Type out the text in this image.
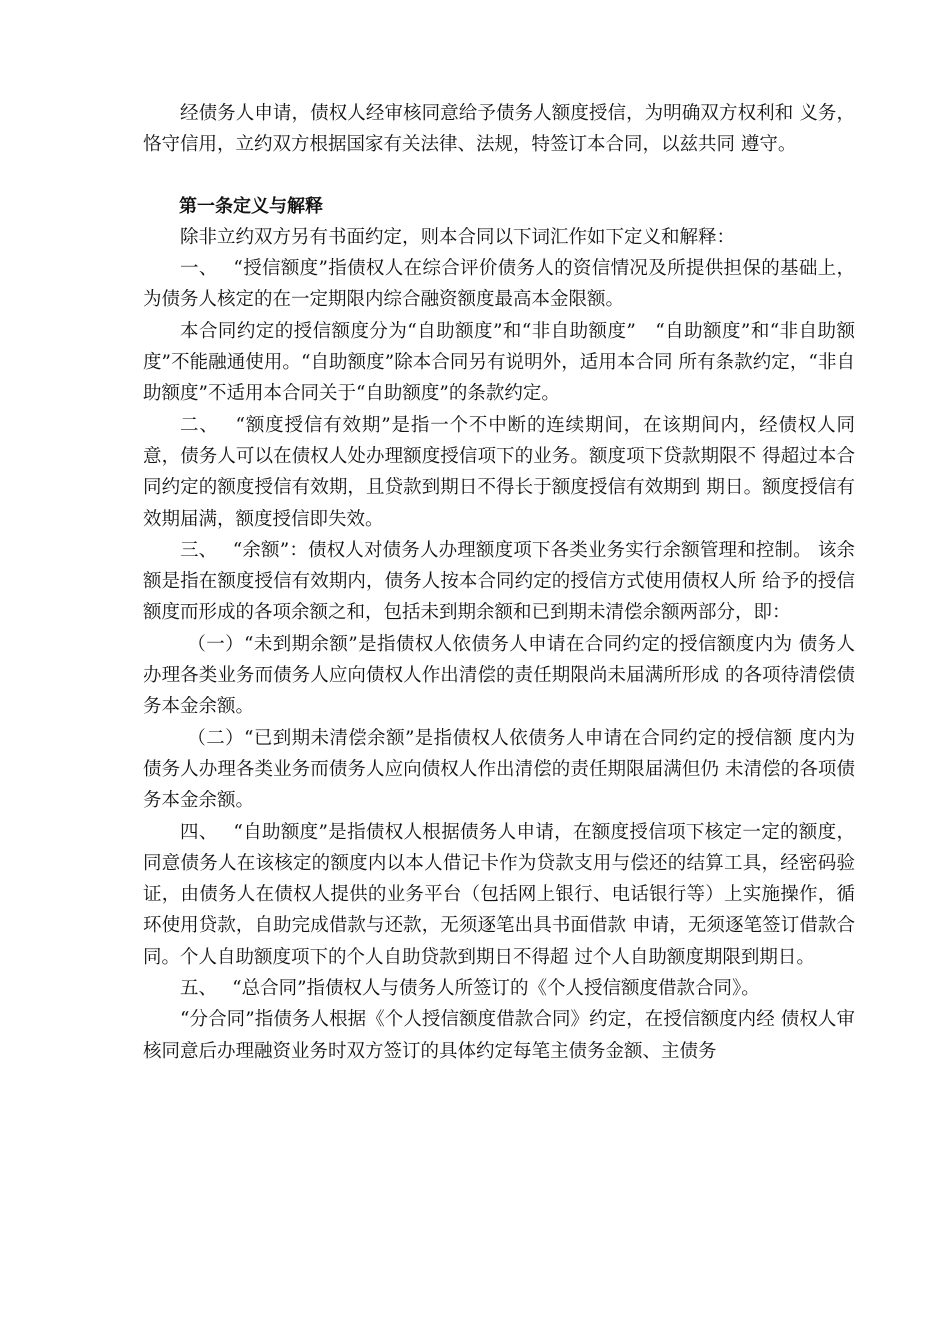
经债务人申请，债权人经审核同意给予债务人额度授信，为明确双方权利和 义务，恪守信用，立约双方根据国家有关法律、法规，特签订本合同，以兹共同 遵守。

第一条定义与解释

除非立约双方另有书面约定，则本合同以下词汇作如下定义和解释：

一、　 “授信额度”指债权人在综合评价债务人的资信情况及所提供担保的基础上，为债务人核定的在一定期限内综合融资额度最高本金限额。

本合同约定的授信额度分为“自助额度”和“非自助额度”　“自助额度”和“非自助额度”不能融通使用。“自助额度”除本合同另有说明外，适用本合同 所有条款约定，“非自助额度”不适用本合同关于“自助额度”的条款约定。

二、　 “额度授信有效期”是指一个不中断的连续期间，在该期间内，经债权人同意，债务人可以在债权人处办理额度授信项下的业务。额度项下贷款期限不 得超过本合同约定的额度授信有效期，且贷款到期日不得长于额度授信有效期到 期日。额度授信有效期届满，额度授信即失效。

三、　 “余额”：债权人对债务人办理额度项下各类业务实行余额管理和控制。 该余额是指在额度授信有效期内，债务人按本合同约定的授信方式使用债权人所 给予的授信额度而形成的各项余额之和，包括未到期余额和已到期未清偿余额两部分，即：

（一）“未到期余额”是指债权人依债务人申请在合同约定的授信额度内为 债务人办理各类业务而债务人应向债权人作出清偿的责任期限尚未届满所形成 的各项待清偿债务本金余额。

（二）“已到期未清偿余额”是指债权人依债务人申请在合同约定的授信额 度内为债务人办理各类业务而债务人应向债权人作出清偿的责任期限届满但仍 未清偿的各项债务本金余额。

四、　 “自助额度”是指债权人根据债务人申请，在额度授信项下核定一定的额度，同意债务人在该核定的额度内以本人借记卡作为贷款支用与偿还的结算工具，经密码验证，由债务人在债权人提供的业务平台（包括网上银行、电话银行等）上实施操作，循环使用贷款，自助完成借款与还款，无须逐笔出具书面借款 申请，无须逐笔签订借款合同。个人自助额度项下的个人自助贷款到期日不得超 过个人自助额度期限到期日。

五、　 “总合同”指债权人与债务人所签订的《个人授信额度借款合同》。

“分合同”指债务人根据《个人授信额度借款合同》约定，在授信额度内经 债权人审核同意后办理融资业务时双方签订的具体约定每笔主债务金额、主债务
